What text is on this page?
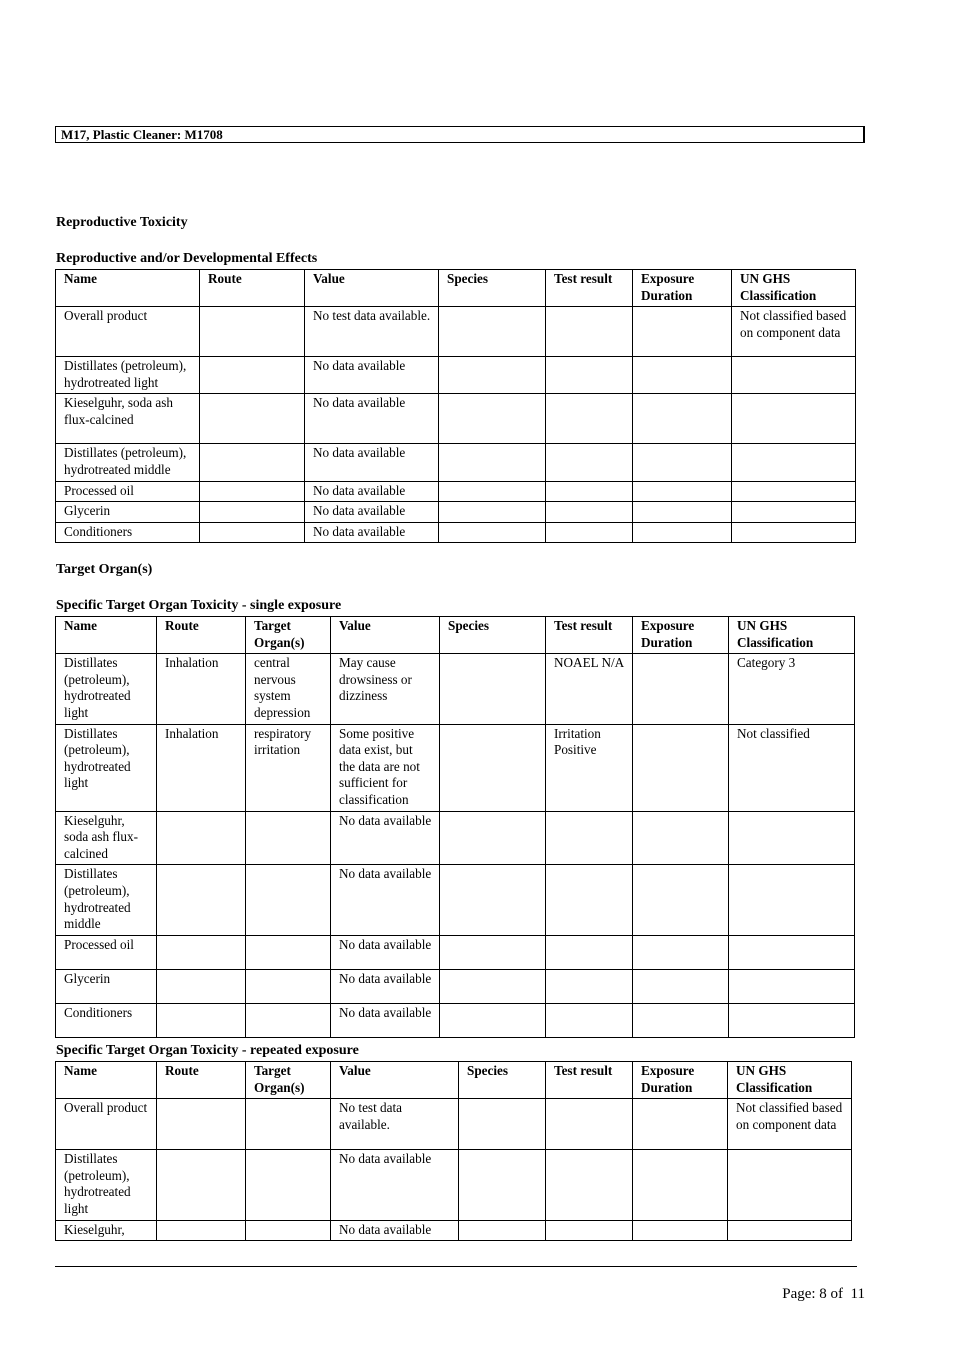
M17, Plastic Cleaner: M1708
Reproductive Toxicity
Reproductive and/or Developmental Effects
Name	Route	Value	Species	Test result	Exposure Duration	UN GHS Classification
Overall product		No test data available.				Not classified based on component data
Distillates (petroleum), hydrotreated light		No data available				
Kieselguhr, soda ash flux-calcined		No data available				
Distillates (petroleum), hydrotreated middle		No data available				
Processed oil		No data available				
Glycerin		No data available				
Conditioners		No data available				
Target Organ(s)
Specific Target Organ Toxicity - single exposure
Name	Route	Target Organ(s)	Value	Species	Test result	Exposure Duration	UN GHS Classification
Distillates (petroleum), hydrotreated light	Inhalation	central nervous system depression	May cause drowsiness or dizziness		NOAEL N/A		Category 3
Distillates (petroleum), hydrotreated light	Inhalation	respiratory irritation	Some positive data exist, but the data are not sufficient for classification		Irritation Positive		Not classified
Kieselguhr, soda ash flux-calcined			No data available				
Distillates (petroleum), hydrotreated middle			No data available				
Processed oil			No data available				
Glycerin			No data available				
Conditioners			No data available				
Specific Target Organ Toxicity - repeated exposure
Name	Route	Target Organ(s)	Value	Species	Test result	Exposure Duration	UN GHS Classification
Overall product			No test data available.				Not classified based on component data
Distillates (petroleum), hydrotreated light			No data available				
Kieselguhr,			No data available				
Page: 8 of  11
